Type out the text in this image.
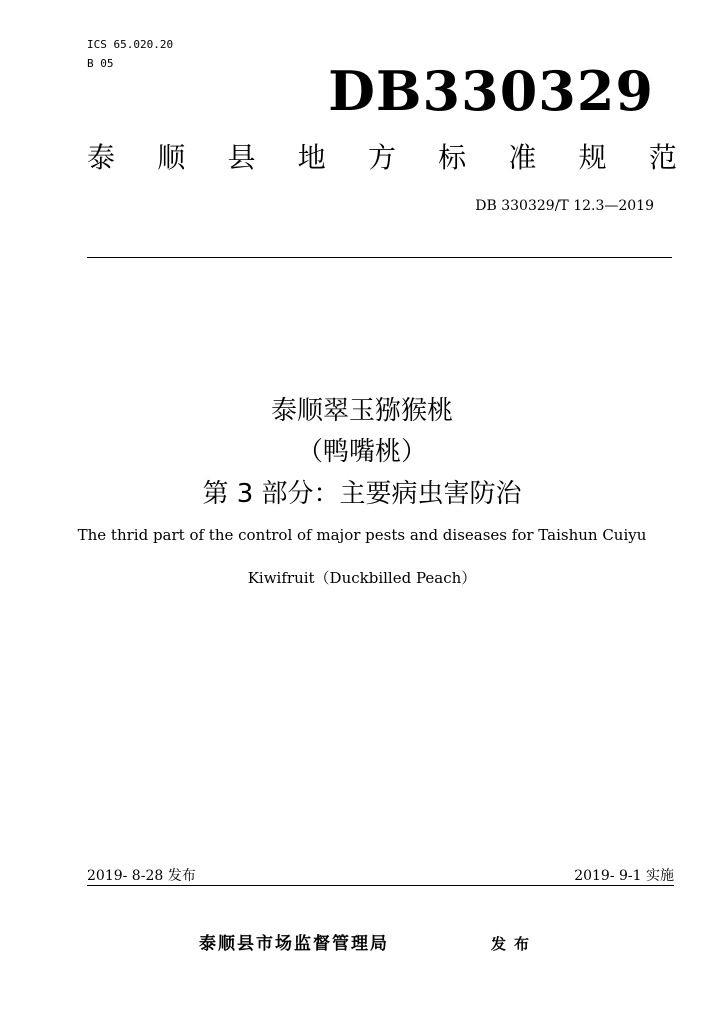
ICS 65.020.20
B 05	DB330329
泰 顺 县 地 方 标 准 规 范
DB 330329/T 12.3—2019
泰顺翠玉猕猴桃
（鸭嘴桃）
第 3 部分：主要病虫害防治
The thrid part of the control of major pests and diseases for Taishun Cuiyu
Kiwifruit（Duckbilled Peach）
2019- 8-28 发布	2019- 9-1 实施
泰顺县市场监督管理局	发布
